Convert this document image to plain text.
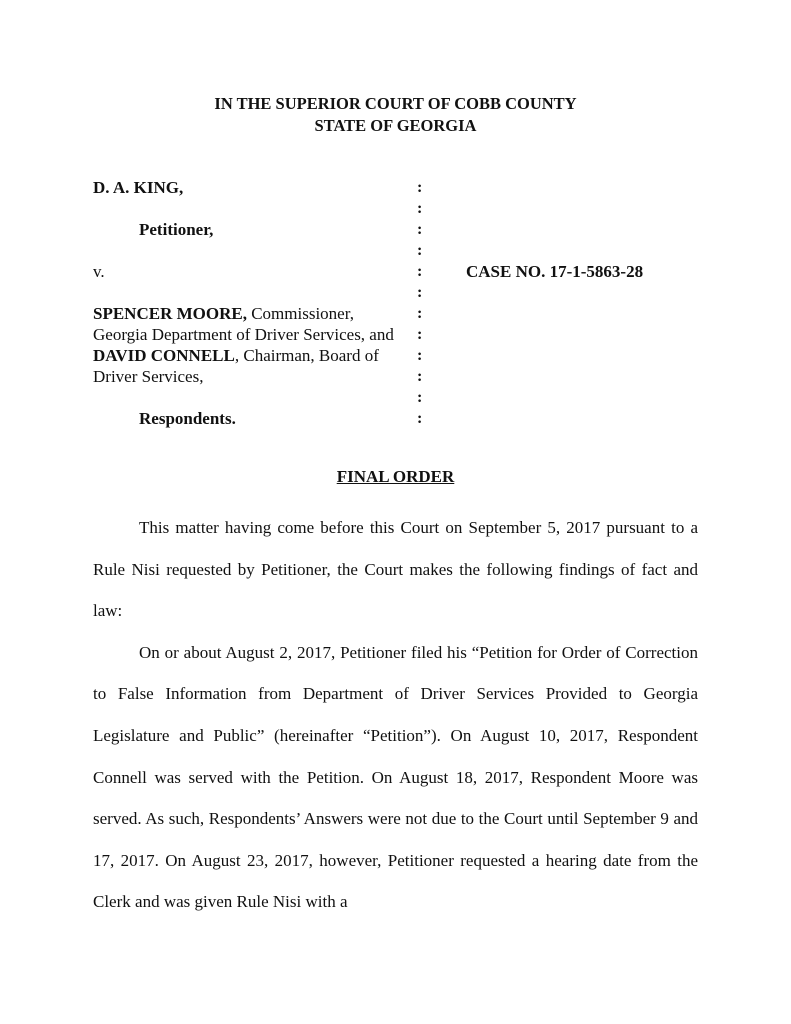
IN THE SUPERIOR COURT OF COBB COUNTY
STATE OF GEORGIA
D. A. KING,
Petitioner,
v.
SPENCER MOORE, Commissioner,
Georgia Department of Driver Services, and
DAVID CONNELL, Chairman, Board of
Driver Services,
Respondents.
:
:
:
:
:
:
:
:
:
:
:
:
CASE NO. 17-1-5863-28
FINAL ORDER

This matter having come before this Court on September 5, 2017 pursuant to a Rule Nisi requested by Petitioner, the Court makes the following findings of fact and law:

On or about August 2, 2017, Petitioner filed his “Petition for Order of Correction to False Information from Department of Driver Services Provided to Georgia Legislature and Public” (hereinafter “Petition”). On August 10, 2017, Respondent Connell was served with the Petition. On August 18, 2017, Respondent Moore was served. As such, Respondents’ Answers were not due to the Court until September 9 and 17, 2017. On August 23, 2017, however, Petitioner requested a hearing date from the Clerk and was given Rule Nisi with a
